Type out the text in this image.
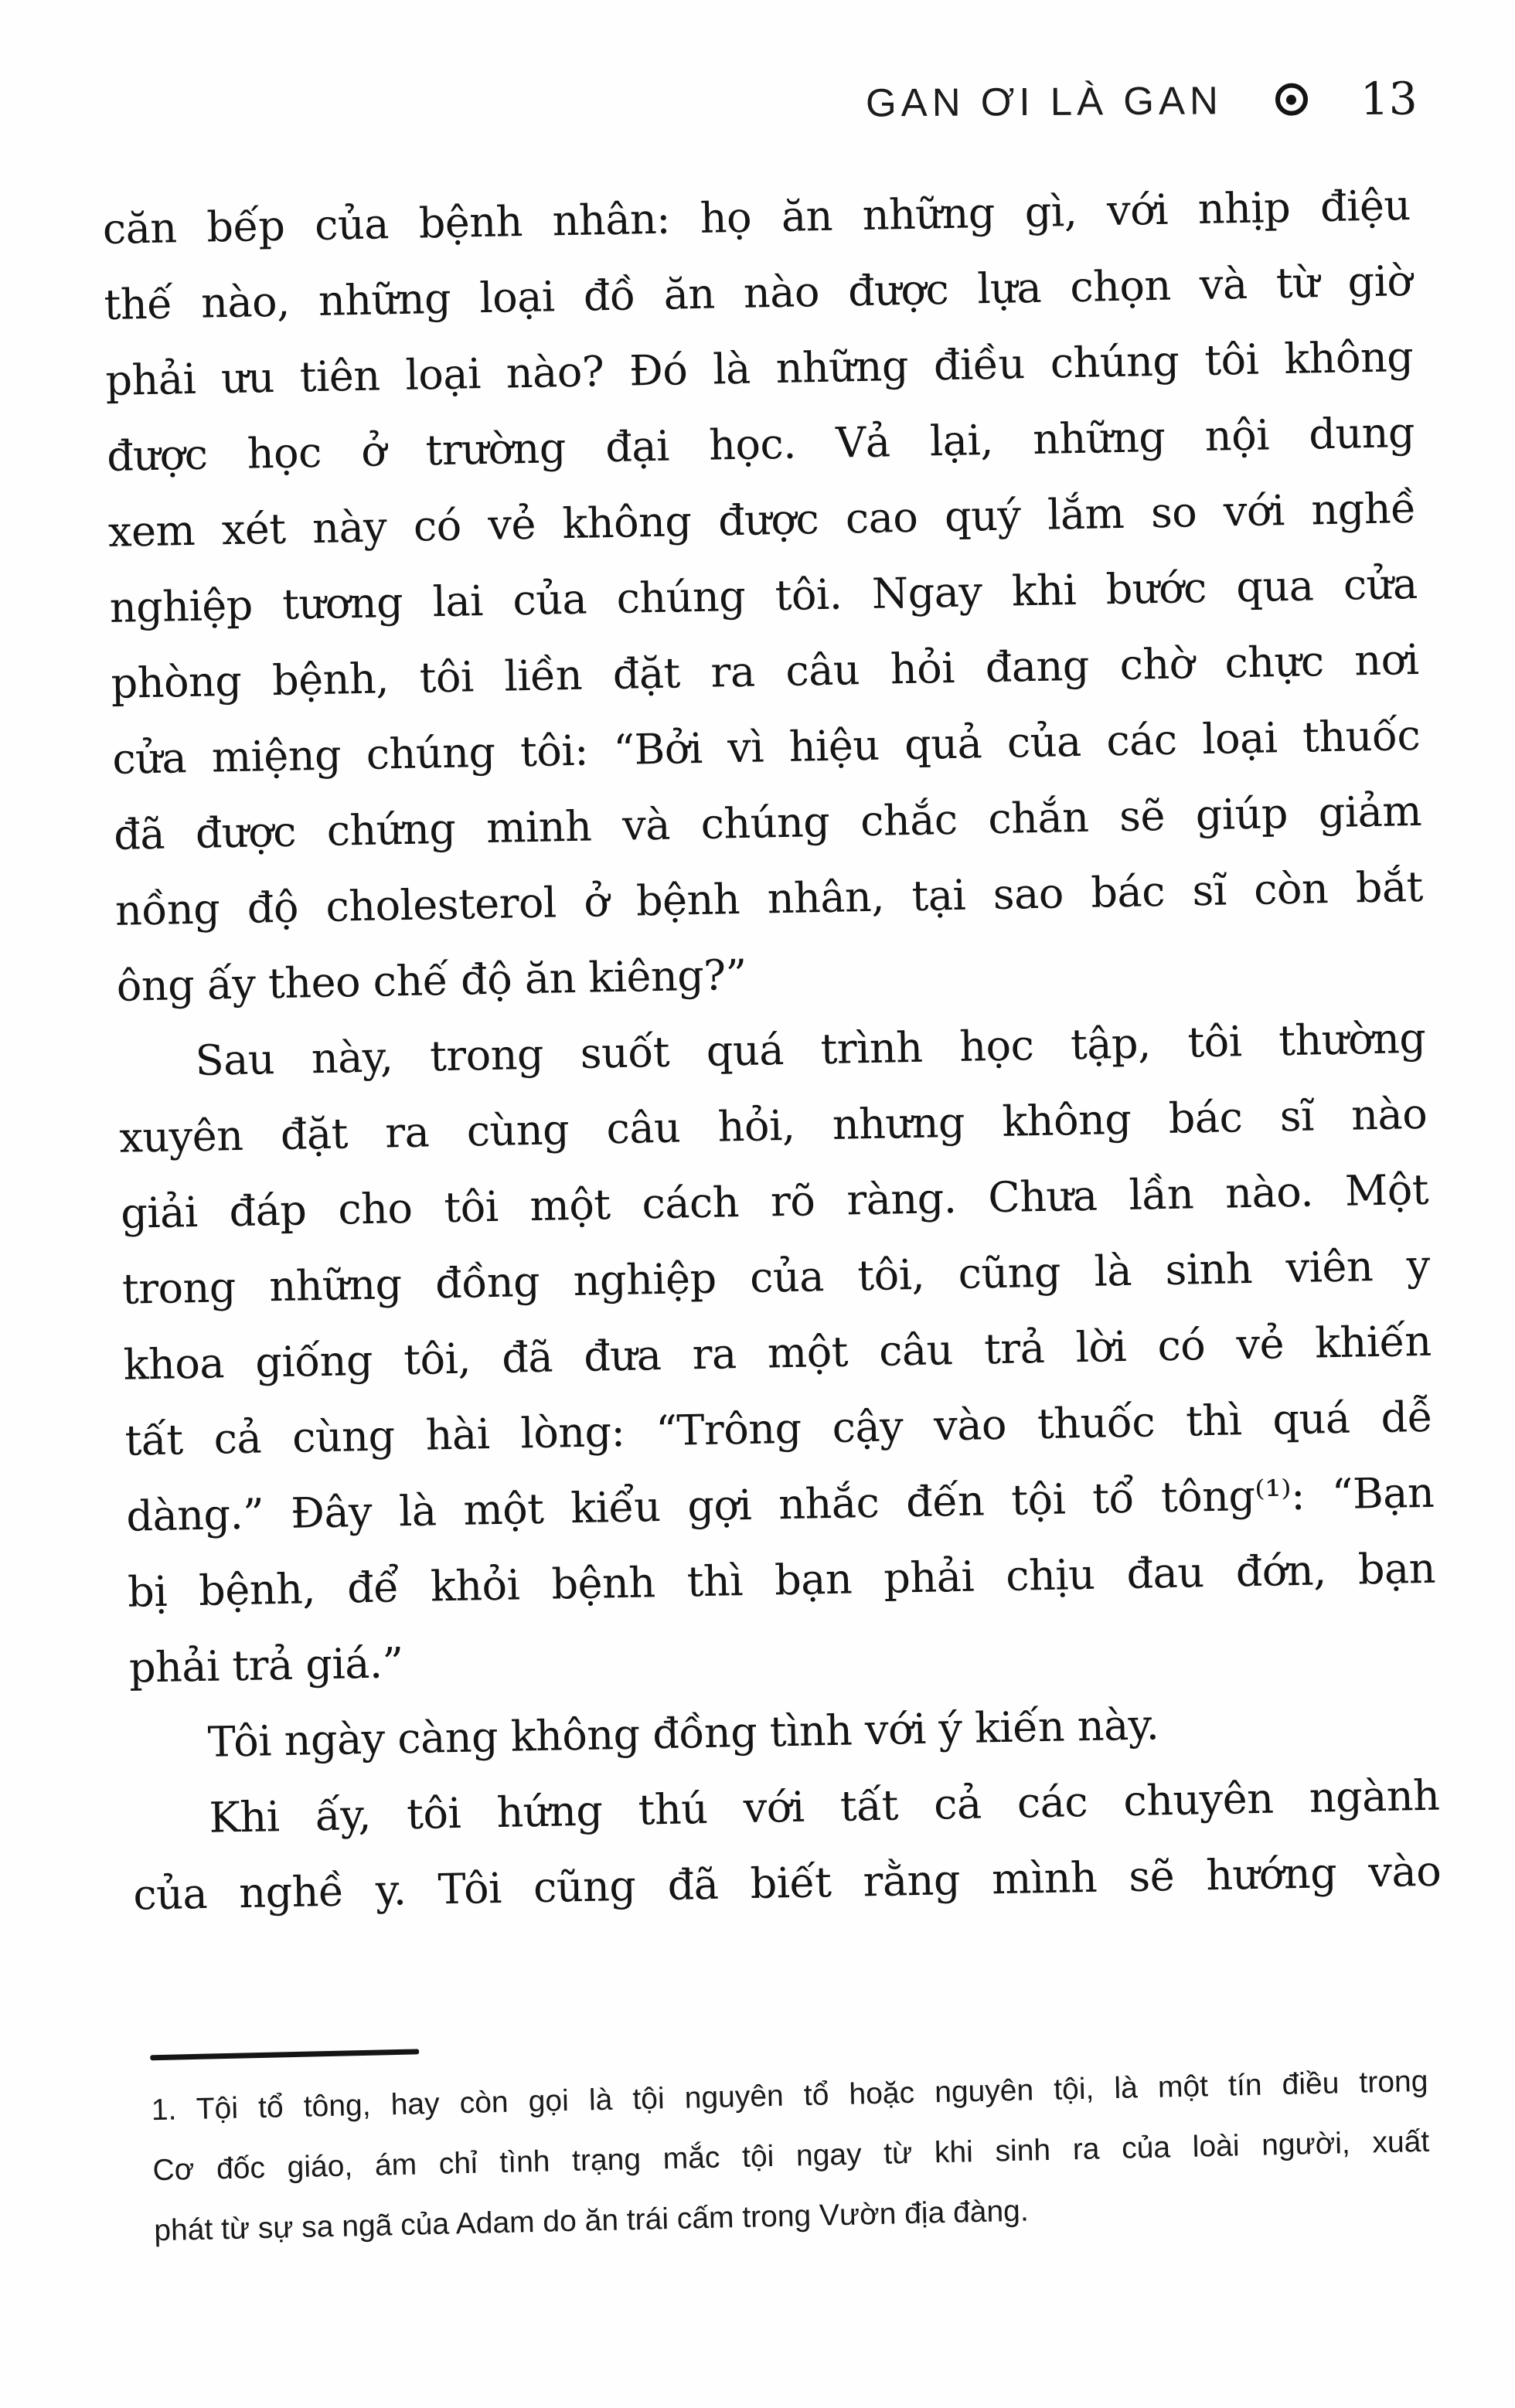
GAN ƠI LÀ GAN	13
căn bếp của bệnh nhân: họ ăn những gì, với nhịp điệu
thế nào, những loại đồ ăn nào được lựa chọn và từ giờ
phải ưu tiên loại nào? Đó là những điều chúng tôi không
được học ở trường đại học. Vả lại, những nội dung
xem xét này có vẻ không được cao quý lắm so với nghề
nghiệp tương lai của chúng tôi. Ngay khi bước qua cửa
phòng bệnh, tôi liền đặt ra câu hỏi đang chờ chực nơi
cửa miệng chúng tôi: “Bởi vì hiệu quả của các loại thuốc
đã được chứng minh và chúng chắc chắn sẽ giúp giảm
nồng độ cholesterol ở bệnh nhân, tại sao bác sĩ còn bắt
ông ấy theo chế độ ăn kiêng?”
Sau này, trong suốt quá trình học tập, tôi thường
xuyên đặt ra cùng câu hỏi, nhưng không bác sĩ nào
giải đáp cho tôi một cách rõ ràng. Chưa lần nào. Một
trong những đồng nghiệp của tôi, cũng là sinh viên y
khoa giống tôi, đã đưa ra một câu trả lời có vẻ khiến
tất cả cùng hài lòng: “Trông cậy vào thuốc thì quá dễ
dàng.” Đây là một kiểu gợi nhắc đến tội tổ tông⁽¹⁾: “Bạn
bị bệnh, để khỏi bệnh thì bạn phải chịu đau đớn, bạn
phải trả giá.”
Tôi ngày càng không đồng tình với ý kiến này.
Khi ấy, tôi hứng thú với tất cả các chuyên ngành
của nghề y. Tôi cũng đã biết rằng mình sẽ hướng vào
1. Tội tổ tông, hay còn gọi là tội nguyên tổ hoặc nguyên tội, là một tín điều trong
Cơ đốc giáo, ám chỉ tình trạng mắc tội ngay từ khi sinh ra của loài người, xuất
phát từ sự sa ngã của Adam do ăn trái cấm trong Vườn địa đàng.
